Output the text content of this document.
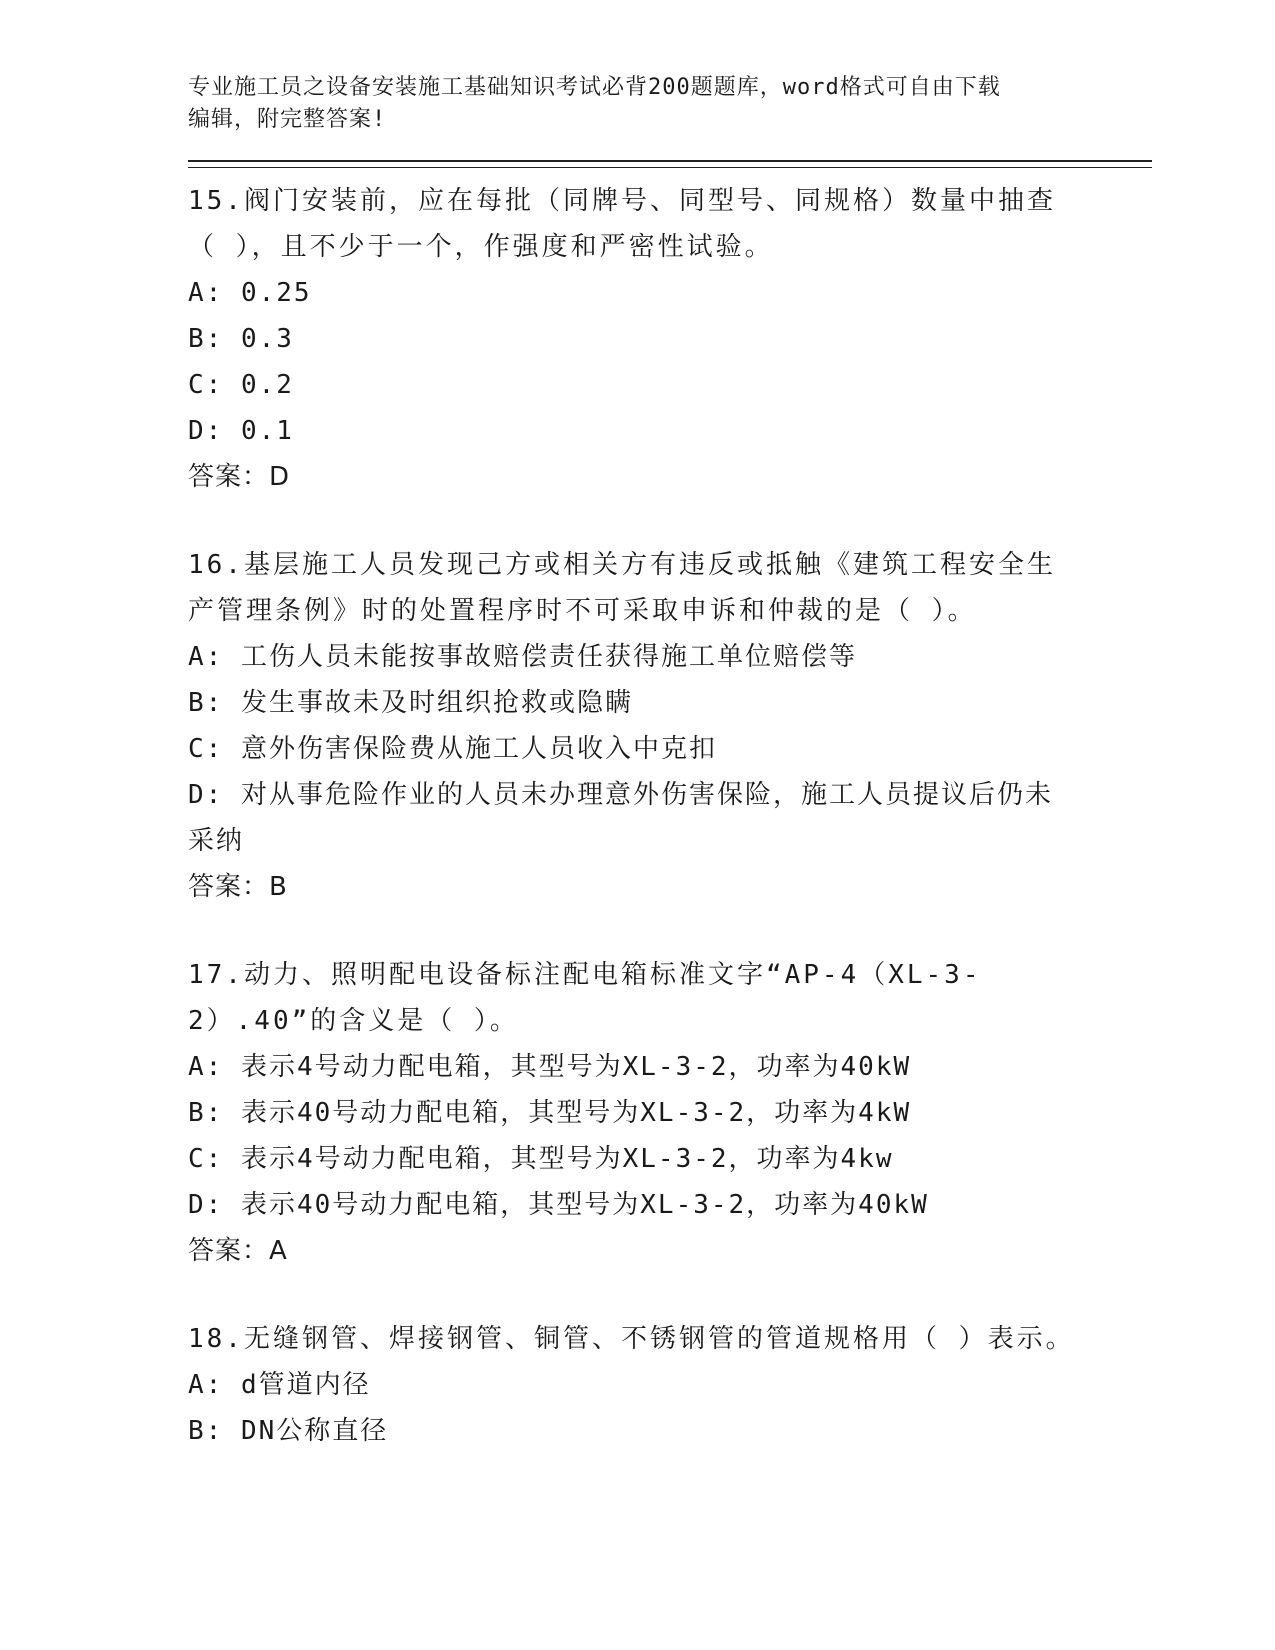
专业施工员之设备安装施工基础知识考试必背200题题库，word格式可自由下载
编辑，附完整答案!
15.阀门安装前，应在每批（同牌号、同型号、同规格）数量中抽查（ ），且不少于一个，作强度和严密性试验。
A: 0.25
B: 0.3
C: 0.2
D: 0.1
答案：D
16.基层施工人员发现己方或相关方有违反或抵触《建筑工程安全生产管理条例》时的处置程序时不可采取申诉和仲裁的是（ ）。
A: 工伤人员未能按事故赔偿责任获得施工单位赔偿等
B: 发生事故未及时组织抢救或隐瞒
C: 意外伤害保险费从施工人员收入中克扣
D: 对从事危险作业的人员未办理意外伤害保险，施工人员提议后仍未采纳
答案：B
17.动力、照明配电设备标注配电箱标准文字“AP-4（XL-3-2）.40”的含义是（ ）。
A: 表示4号动力配电箱，其型号为XL-3-2，功率为40kW
B: 表示40号动力配电箱，其型号为XL-3-2，功率为4kW
C: 表示4号动力配电箱，其型号为XL-3-2，功率为4kw
D: 表示40号动力配电箱，其型号为XL-3-2，功率为40kW
答案：A
18.无缝钢管、焊接钢管、铜管、不锈钢管的管道规格用（ ）表示。
A: d管道内径
B: DN公称直径
